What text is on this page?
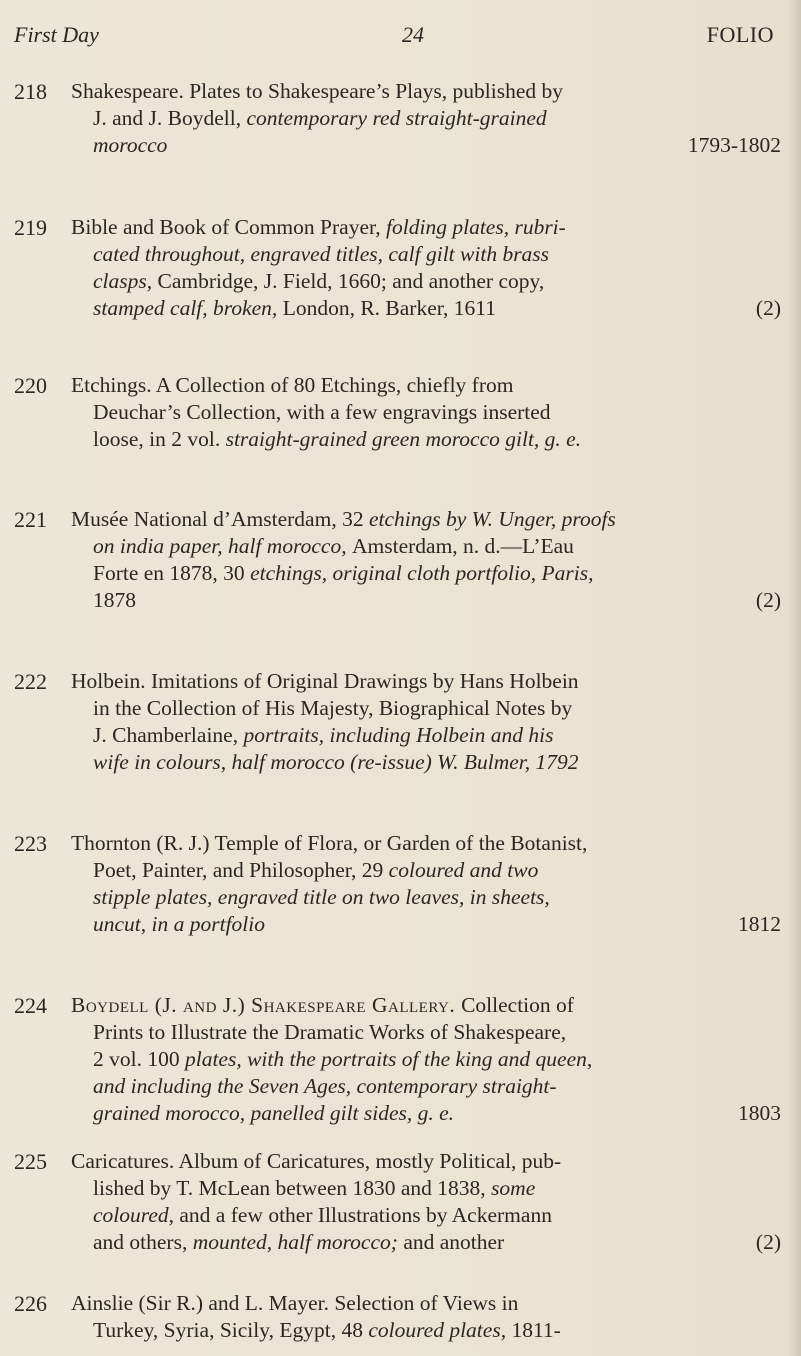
First Day	24	FOLIO
218	Shakespeare. Plates to Shakespeare’s Plays, published by
J. and J. Boydell, contemporary red straight-grained
morocco	1793-1802
219	Bible and Book of Common Prayer, folding plates, rubri-
cated throughout, engraved titles, calf gilt with brass
clasps, Cambridge, J. Field, 1660; and another copy,
stamped calf, broken, London, R. Barker, 1611	(2)
220	Etchings. A Collection of 80 Etchings, chiefly from
Deuchar’s Collection, with a few engravings inserted
loose, in 2 vol. straight-grained green morocco gilt, g. e.
221	Musée National d’Amsterdam, 32 etchings by W. Unger, proofs
on india paper, half morocco, Amsterdam, n. d.—L’Eau
Forte en 1878, 30 etchings, original cloth portfolio, Paris,
1878	(2)
222	Holbein. Imitations of Original Drawings by Hans Holbein
in the Collection of His Majesty, Biographical Notes by
J. Chamberlaine, portraits, including Holbein and his
wife in colours, half morocco (re-issue) W. Bulmer, 1792
223	Thornton (R. J.) Temple of Flora, or Garden of the Botanist,
Poet, Painter, and Philosopher, 29 coloured and two
stipple plates, engraved title on two leaves, in sheets,
uncut, in a portfolio	1812
224	Boydell (J. and J.) Shakespeare Gallery. Collection of
Prints to Illustrate the Dramatic Works of Shakespeare,
2 vol. 100 plates, with the portraits of the king and queen,
and including the Seven Ages, contemporary straight-
grained morocco, panelled gilt sides, g. e.	1803
225	Caricatures. Album of Caricatures, mostly Political, pub-
lished by T. McLean between 1830 and 1838, some
coloured, and a few other Illustrations by Ackermann
and others, mounted, half morocco; and another	(2)
226	Ainslie (Sir R.) and L. Mayer. Selection of Views in
Turkey, Syria, Sicily, Egypt, 48 coloured plates, 1811-
